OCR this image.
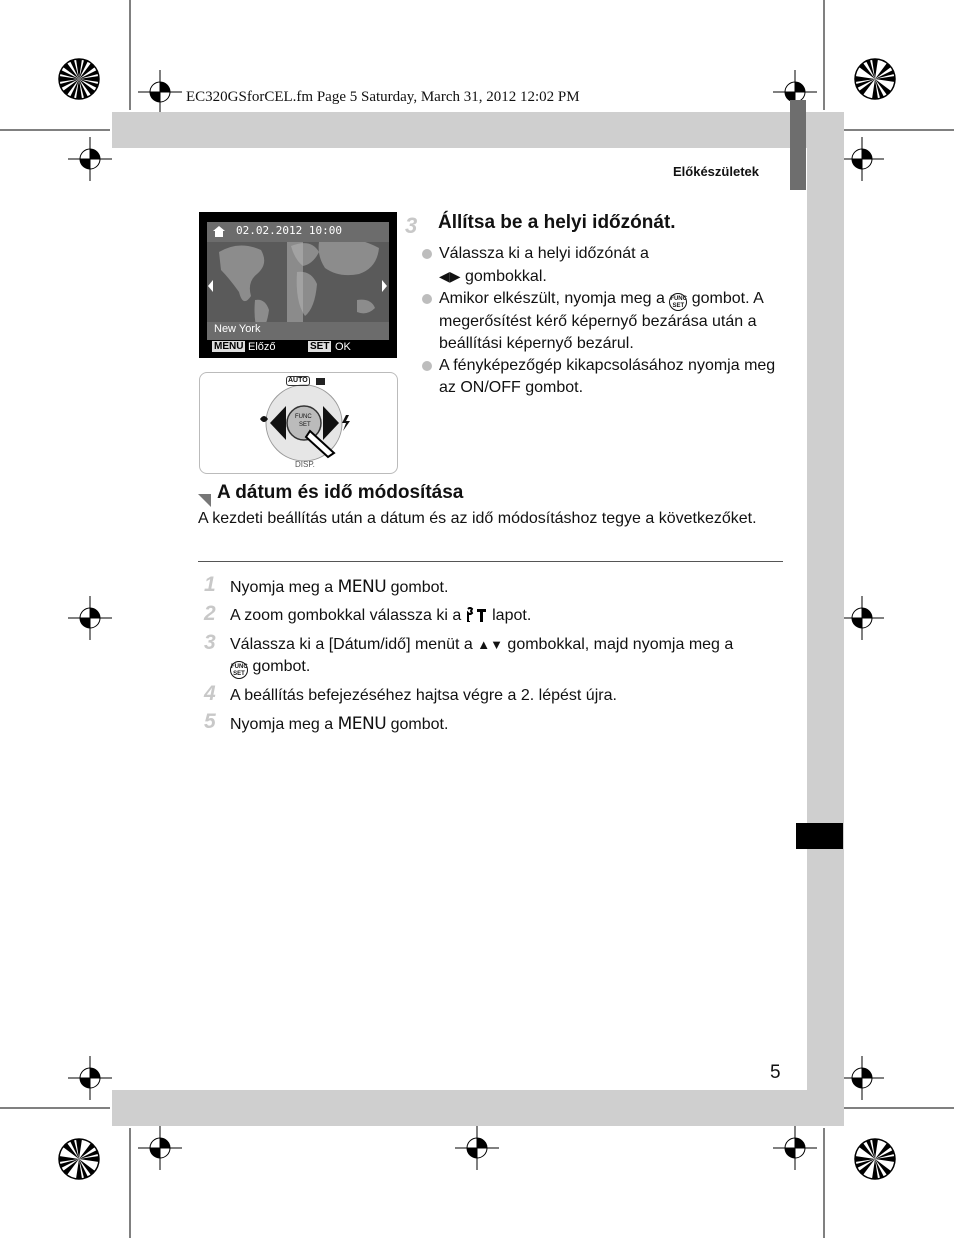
EC320GSforCEL.fm Page 5 Saturday, March 31, 2012 12:02 PM
Előkészületek
5
02.02.2012 10:00
New York
MENU Előző	SET OK
AUTO
FUNC
SET
DISP.
3 Állítsa be a helyi időzónát.
Válassza ki a helyi időzónát a
◀▶ gombokkal.
Amikor elkészült, nyomja meg a FUNC
SET gombot. A megerősítést kérő képernyő bezárása után a beállítási képernyő bezárul.
A fényképezőgép kikapcsolásához nyomja meg az ON/OFF gombot.
A dátum és idő módosítása
A kezdeti beállítás után a dátum és az idő módosításhoz tegye a következőket.
1 Nyomja meg a MENU gombot.
2 A zoom gombokkal válassza ki a  lapot.
3 Válassza ki a [Dátum/idő] menüt a ▲▼ gombokkal, majd nyomja meg a
FUNC
SET gombot.
4 A beállítás befejezéséhez hajtsa végre a 2. lépést újra.
5 Nyomja meg a MENU gombot.
